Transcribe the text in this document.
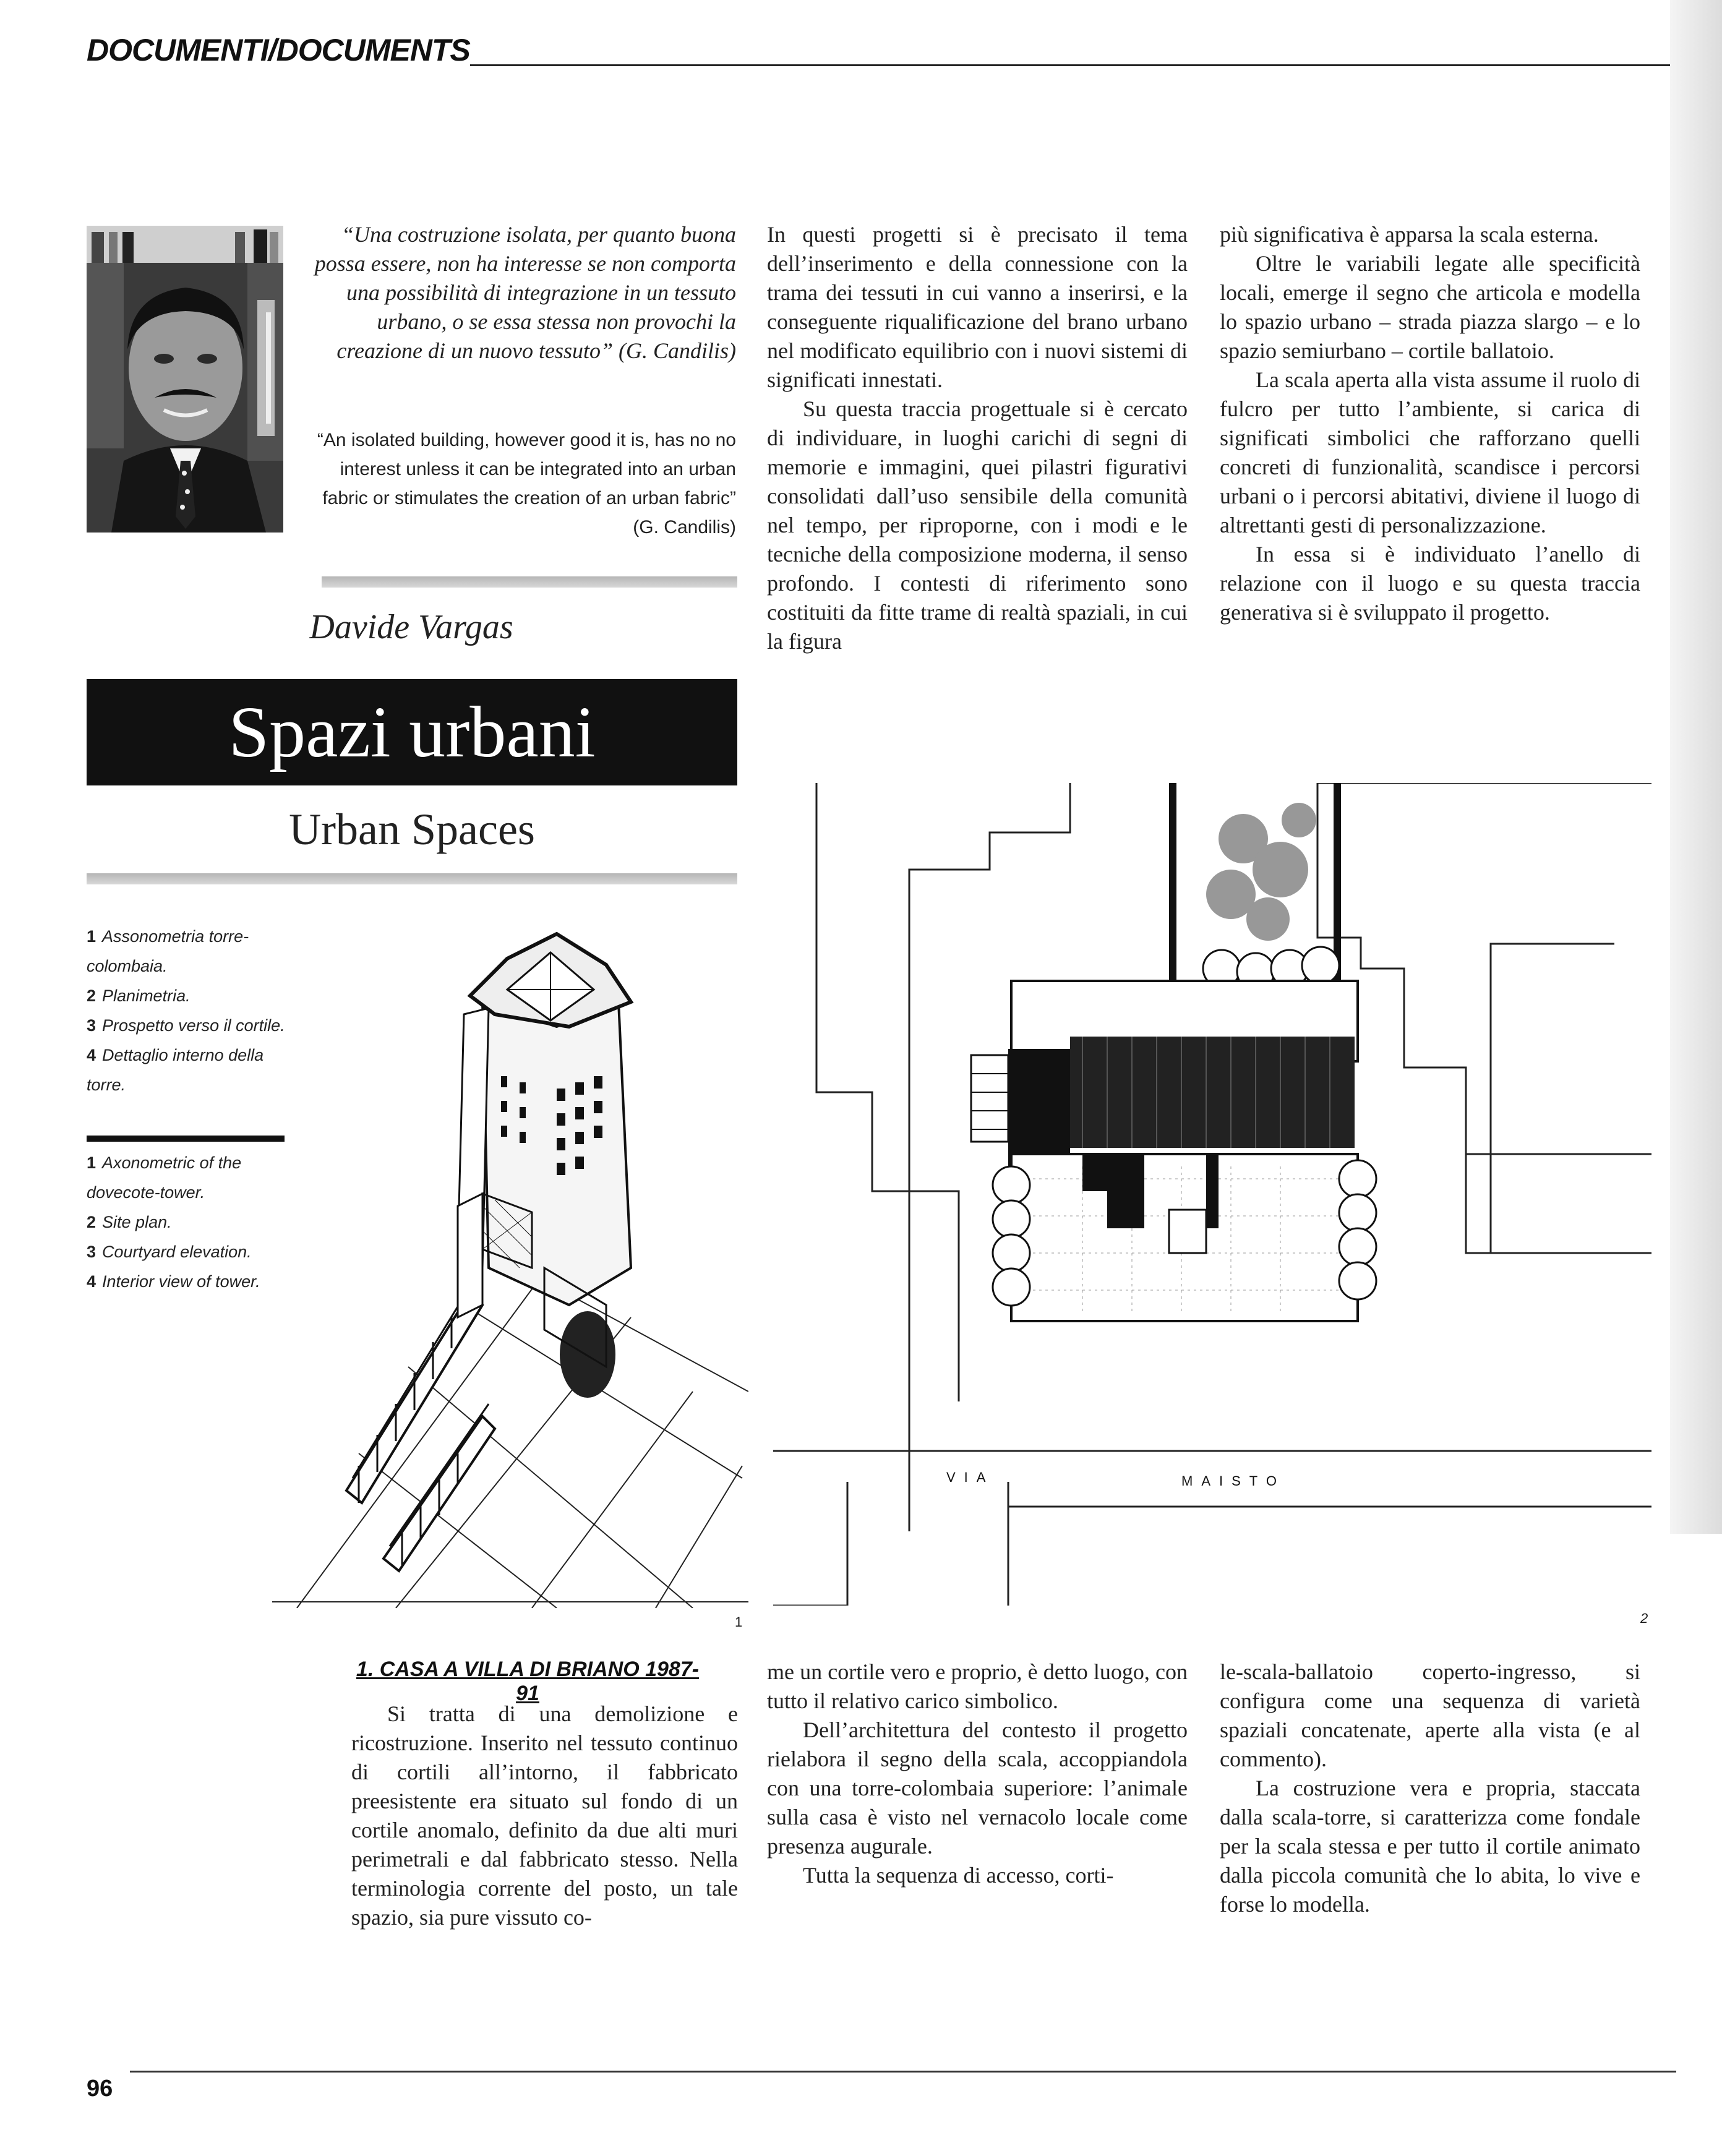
DOCUMENTI/DOCUMENTS
“Una costruzione isolata, per quanto buona possa essere, non ha interesse se non comporta una possibilità di integrazione in un tessuto urbano, o se essa stessa non provochi la creazione di un nuovo tessuto” (G. Candilis)
“An isolated building, however good it is, has no no interest unless it can be integrated into an urban fabric or stimulates the creation of an urban fabric” (G. Candilis)
Davide Vargas
Spazi urbani
Urban Spaces
1 Assonometria torre-colombaia.
2 Planimetria.
3 Prospetto verso il cortile.
4 Dettaglio interno della torre.
1 Axonometric of the dovecote-tower.
2 Site plan.
3 Courtyard elevation.
4 Interior view of tower.

In questi progetti si è precisato il tema dell’inserimento e della connessione con la trama dei tessuti in cui vanno a inserirsi, e la conseguente riqualificazione del brano urbano nel modificato equilibrio con i nuovi sistemi di significati innestati.

Su questa traccia progettuale si è cercato di individuare, in luoghi carichi di segni di memorie e immagini, quei pilastri figurativi consolidati dall’uso sensibile della comunità nel tempo, per riproporne, con i modi e le tecniche della composizione moderna, il senso profondo. I contesti di riferimento sono costituiti da fitte trame di realtà spaziali, in cui la figura

più significativa è apparsa la scala esterna.

Oltre le variabili legate alle specificità locali, emerge il segno che articola e modella lo spazio urbano – strada piazza slargo – e lo spazio semiurbano – cortile ballatoio.

La scala aperta alla vista assume il ruolo di fulcro per tutto l’ambiente, si carica di significati simbolici che rafforzano quelli concreti di funzionalità, scandisce i percorsi urbani o i percorsi abitativi, diviene il luogo di altrettanti gesti di personalizzazione.

In essa si è individuato l’anello di relazione con il luogo e su questa traccia generativa si è sviluppato il progetto.

VIA	MAISTO
1	2
1. CASA A VILLA DI BRIANO 1987-91

Si tratta di una demolizione e ricostruzione. Inserito nel tessuto continuo di cortili all’intorno, il fabbricato preesistente era situato sul fondo di un cortile anomalo, definito da due alti muri perimetrali e dal fabbricato stesso. Nella terminologia corrente del posto, un tale spazio, sia pure vissuto co-

me un cortile vero e proprio, è detto luogo, con tutto il relativo carico simbolico.

Dell’architettura del contesto il progetto rielabora il segno della scala, accoppiandola con una torre-colombaia superiore: l’animale sulla casa è visto nel vernacolo locale come presenza augurale.

Tutta la sequenza di accesso, corti-

le-scala-ballatoio coperto-ingresso, si configura come una sequenza di varietà spaziali concatenate, aperte alla vista (e al commento).

La costruzione vera e propria, staccata dalla scala-torre, si caratterizza come fondale per la scala stessa e per tutto il cortile animato dalla piccola comunità che lo abita, lo vive e forse lo modella.

96
